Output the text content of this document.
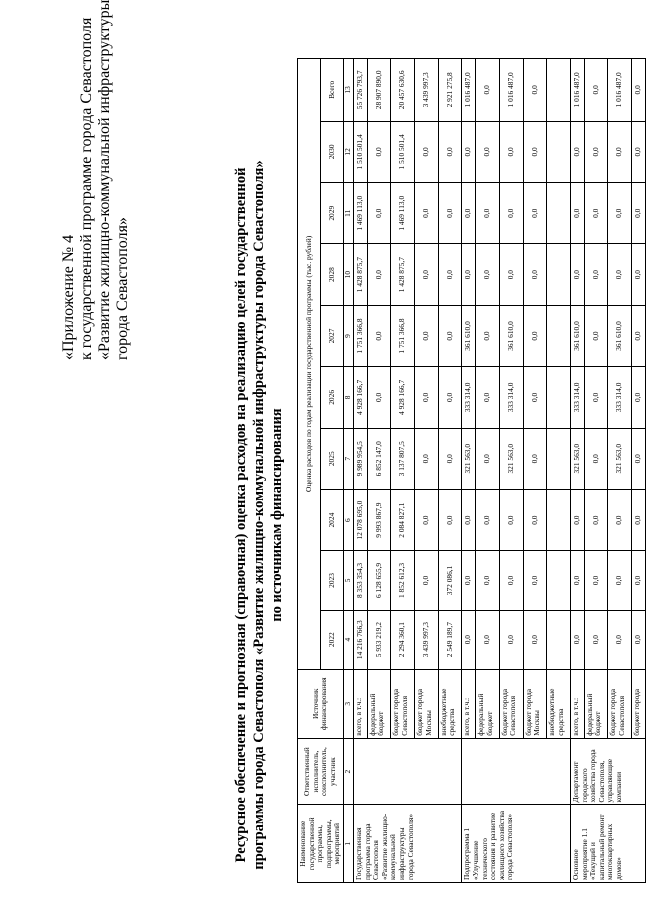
«Приложение № 4 к государственной программе города Севастополя «Развитие жилищно-коммунальной инфраструктуры города Севастополя»	Ресурсное обеспечение и прогнозная (справочная) оценка расходов на реализацию целей государственной программы города Севастополя «Развитие жилищно-коммунальной инфраструктуры города Севастополя» по источникам финансирования
Наименование государственной программы, подпрограммы, мероприятий	Ответственный исполнитель, соисполнитель, участник	Источник финансирования	Оценка расходов по годам реализации государственной программы (тыс. рублей)									
			2022	2023	2024	2025	2026	2027	2028	2029	2030	Всего
1	2	3	4	5	6	7	8	9	10	11	12	13
Государственная программа города Севастополя «Развитие жилищно-коммунальной инфраструктуры города Севастополя»		всего, в т.ч.:	14 216 766,3	8 353 354,3	12 078 695,0	9 989 954,5	4 928 166,7	1 751 366,8	1 428 875,7	1 469 113,0	1 510 501,4	55 726 793,7
		федеральный бюджет	5 933 219,2	6 128 655,9	9 993 867,9	6 852 147,0	0,0	0,0	0,0	0,0	0,0	28 907 890,0
		бюджет города Севастополя	2 294 360,1	1 852 612,3	2 084 827,1	3 137 807,5	4 928 166,7	1 751 366,8	1 428 875,7	1 469 113,0	1 510 501,4	20 457 630,6
		бюджет города Москвы	3 439 997,3	0,0	0,0	0,0	0,0	0,0	0,0	0,0	0,0	3 439 997,3
		внебюджетные средства	2 549 189,7	372 086,1	0,0	0,0	0,0	0,0	0,0	0,0	0,0	2 921 275,8
Подпрограмма 1 «Улучшение технического состояния и развитие жилищного хозяйства города Севастополя»		всего, в т.ч.:	0,0	0,0	0,0	321 563,0	333 314,0	361 610,0	0,0	0,0	0,0	1 016 487,0
		федеральный бюджет	0,0	0,0	0,0	0,0	0,0	0,0	0,0	0,0	0,0	0,0
		бюджет города Севастополя	0,0	0,0	0,0	321 563,0	333 314,0	361 610,0	0,0	0,0	0,0	1 016 487,0
		бюджет города Москвы	0,0	0,0	0,0	0,0	0,0	0,0	0,0	0,0	0,0	0,0
		внебюджетные средства										
Основное мероприятие 1.1 «Текущий и капитальный ремонт многоквартирных домов»	Департамент городского хозяйства города Севастополя, управляющие компании	всего, в т.ч.:	0,0	0,0	0,0	321 563,0	333 314,0	361 610,0	0,0	0,0	0,0	1 016 487,0
		федеральный бюджет	0,0	0,0	0,0	0,0	0,0	0,0	0,0	0,0	0,0	0,0
		бюджет города Севастополя	0,0	0,0	0,0	321 563,0	333 314,0	361 610,0	0,0	0,0	0,0	1 016 487,0
		бюджет города	0,0	0,0	0,0	0,0	0,0	0,0	0,0	0,0	0,0	0,0
